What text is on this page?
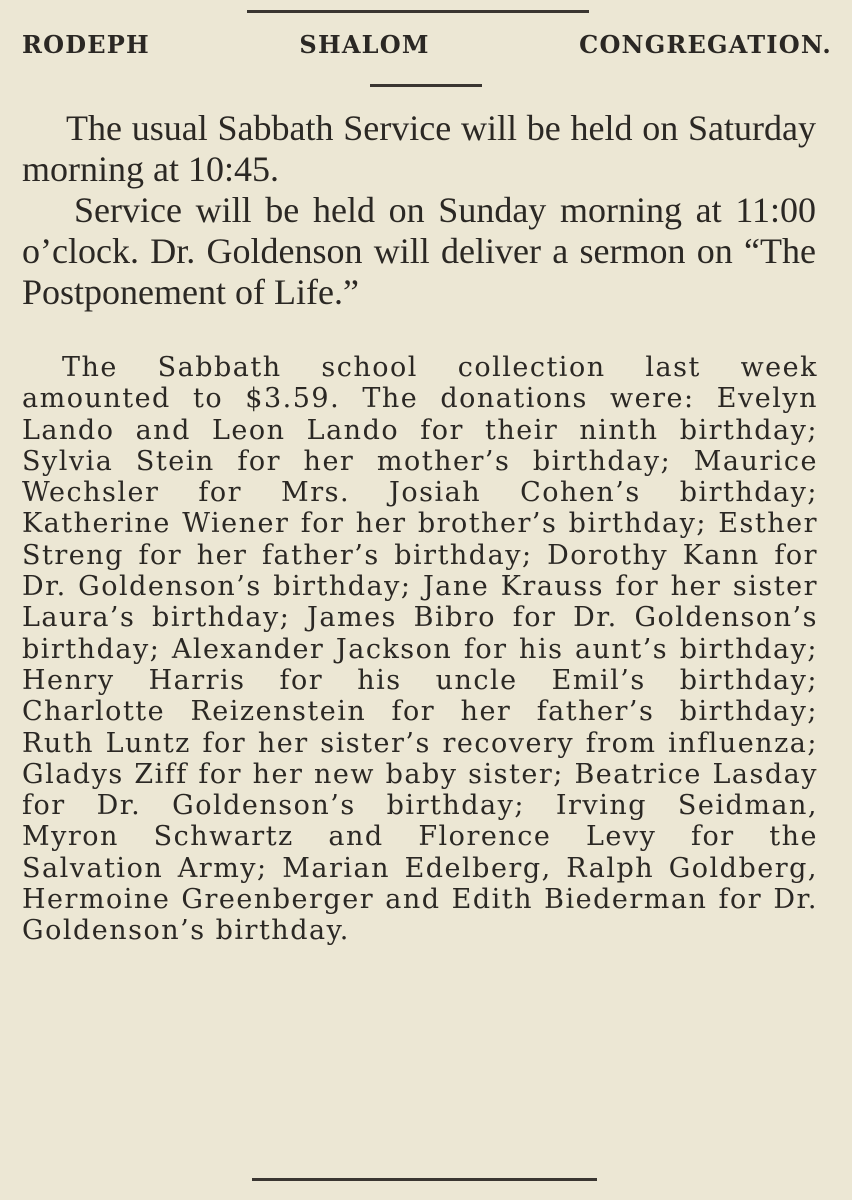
RODEPH SHALOM CONGREGATION.

The usual Sabbath Service will be held on Saturday morning at 10:45.

Service will be held on Sunday morning at 11:00 o’clock. Dr. Goldenson will deliver a sermon on “The Postponement of Life.”

The Sabbath school collection last week amounted to $3.59. The donations were: Evelyn Lando and Leon Lando for their ninth birthday; Sylvia Stein for her mother’s birthday; Maurice Wechsler for Mrs. Josiah Cohen’s birthday; Katherine Wiener for her brother’s birthday; Esther Streng for her father’s birthday; Dorothy Kann for Dr. Goldenson’s birthday; Jane Krauss for her sister Laura’s birthday; James Bibro for Dr. Goldenson’s birthday; Alexander Jackson for his aunt’s birthday; Henry Harris for his uncle Emil’s birthday; Charlotte Reizenstein for her father’s birthday; Ruth Luntz for her sister’s recovery from influenza; Gladys Ziff for her new baby sister; Beatrice Lasday for Dr. Goldenson’s birthday; Irving Seidman, Myron Schwartz and Florence Levy for the Salvation Army; Marian Edelberg, Ralph Goldberg, Hermoine Greenberger and Edith Biederman for Dr. Goldenson’s birthday.
